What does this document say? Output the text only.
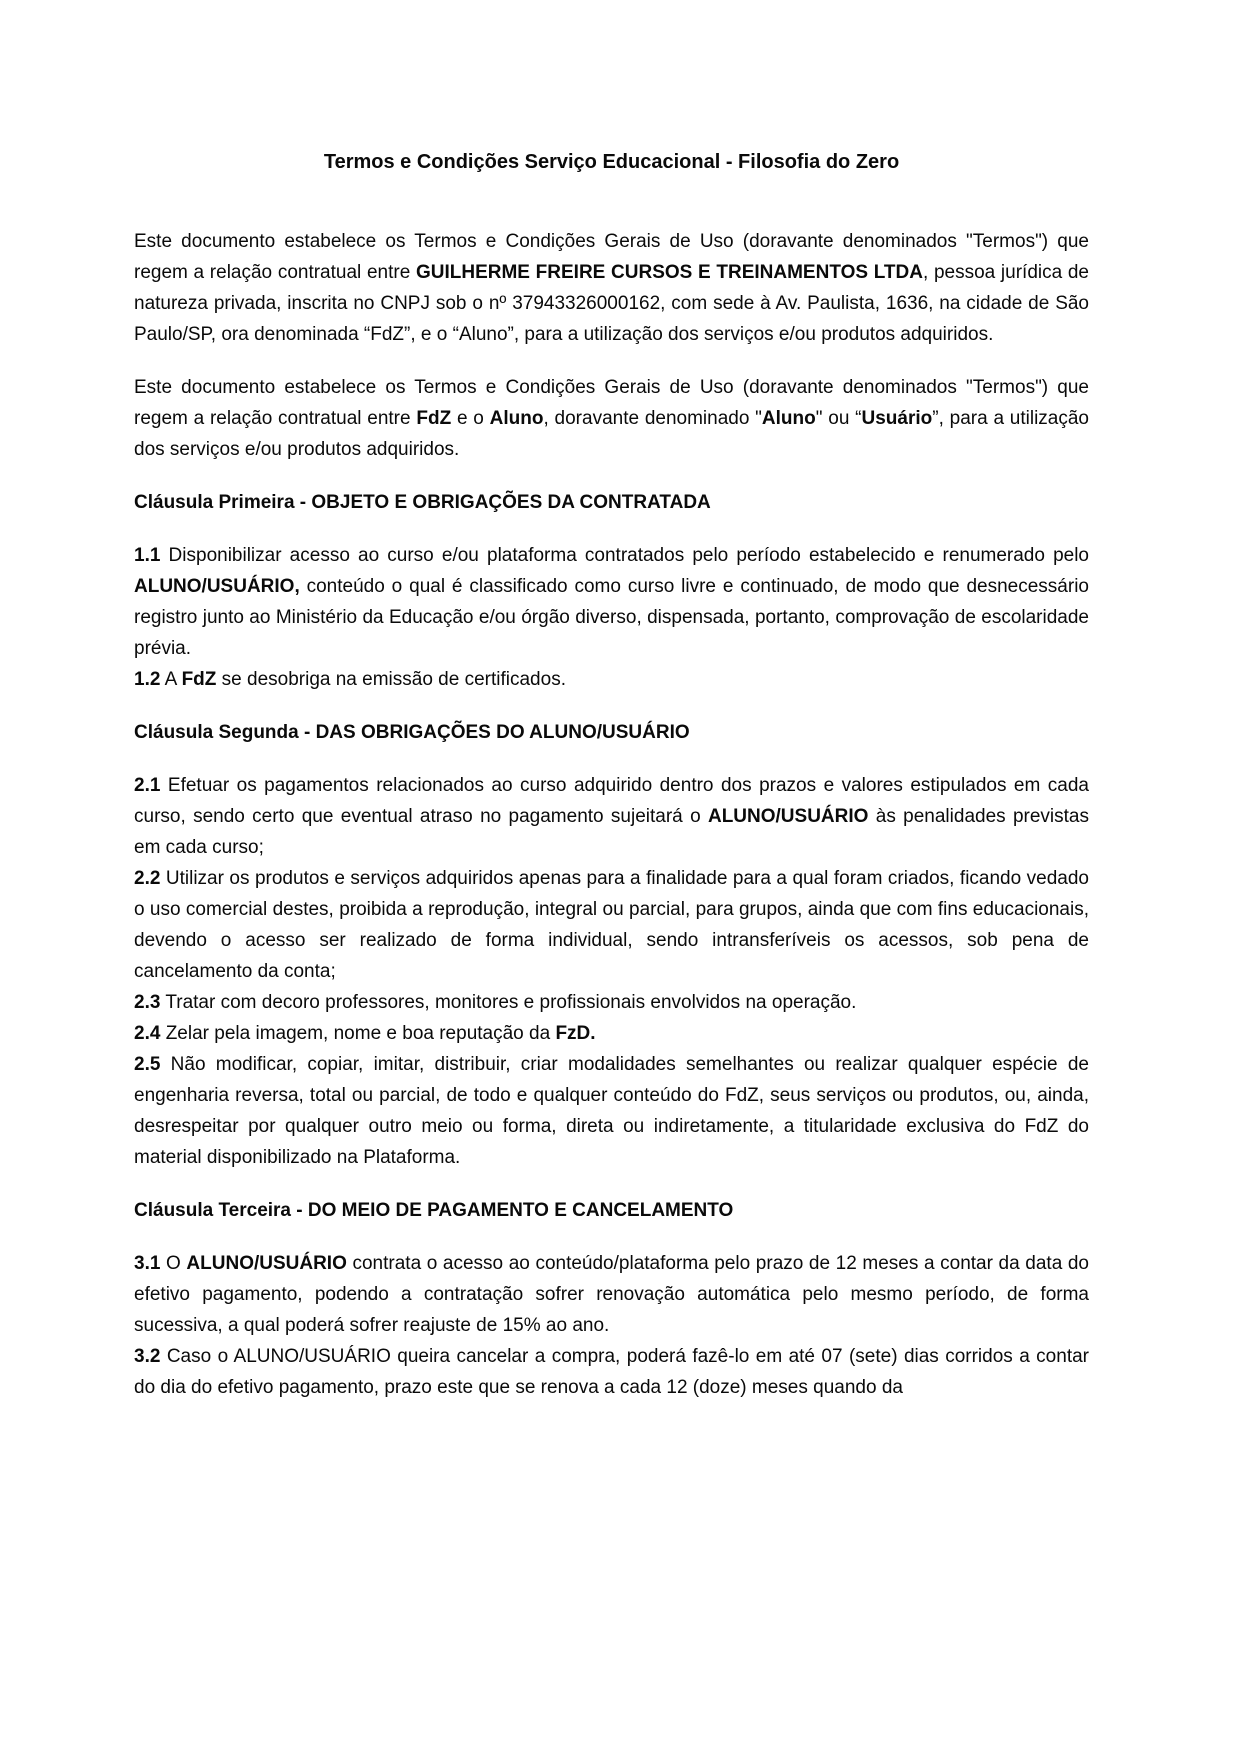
Termos e Condições Serviço Educacional - Filosofia do Zero

Este documento estabelece os Termos e Condições Gerais de Uso (doravante denominados "Termos") que regem a relação contratual entre GUILHERME FREIRE CURSOS E TREINAMENTOS LTDA, pessoa jurídica de natureza privada, inscrita no CNPJ sob o nº 37943326000162, com sede à Av. Paulista, 1636, na cidade de São Paulo/SP, ora denominada “FdZ”, e o “Aluno”, para a utilização dos serviços e/ou produtos adquiridos.

Este documento estabelece os Termos e Condições Gerais de Uso (doravante denominados "Termos") que regem a relação contratual entre FdZ e o Aluno, doravante denominado "Aluno" ou “Usuário”, para a utilização dos serviços e/ou produtos adquiridos.

Cláusula Primeira - OBJETO E OBRIGAÇÕES DA CONTRATADA

1.1 Disponibilizar acesso ao curso e/ou plataforma contratados pelo período estabelecido e renumerado pelo ALUNO/USUÁRIO, conteúdo o qual é classificado como curso livre e continuado, de modo que desnecessário registro junto ao Ministério da Educação e/ou órgão diverso, dispensada, portanto, comprovação de escolaridade prévia.

1.2 A FdZ se desobriga na emissão de certificados.

Cláusula Segunda - DAS OBRIGAÇÕES DO ALUNO/USUÁRIO

2.1 Efetuar os pagamentos relacionados ao curso adquirido dentro dos prazos e valores estipulados em cada curso, sendo certo que eventual atraso no pagamento sujeitará o ALUNO/USUÁRIO às penalidades previstas em cada curso;

2.2 Utilizar os produtos e serviços adquiridos apenas para a finalidade para a qual foram criados, ficando vedado o uso comercial destes, proibida a reprodução, integral ou parcial, para grupos, ainda que com fins educacionais, devendo o acesso ser realizado de forma individual, sendo intransferíveis os acessos, sob pena de cancelamento da conta;

2.3 Tratar com decoro professores, monitores e profissionais envolvidos na operação.

2.4 Zelar pela imagem, nome e boa reputação da FzD.

2.5 Não modificar, copiar, imitar, distribuir, criar modalidades semelhantes ou realizar qualquer espécie de engenharia reversa, total ou parcial, de todo e qualquer conteúdo do FdZ, seus serviços ou produtos, ou, ainda, desrespeitar por qualquer outro meio ou forma, direta ou indiretamente, a titularidade exclusiva do FdZ do material disponibilizado na Plataforma.

Cláusula Terceira - DO MEIO DE PAGAMENTO E CANCELAMENTO

3.1 O ALUNO/USUÁRIO contrata o acesso ao conteúdo/plataforma pelo prazo de 12 meses a contar da data do efetivo pagamento, podendo a contratação sofrer renovação automática pelo mesmo período, de forma sucessiva, a qual poderá sofrer reajuste de 15% ao ano.

3.2 Caso o ALUNO/USUÁRIO queira cancelar a compra, poderá fazê-lo em até 07 (sete) dias corridos a contar do dia do efetivo pagamento, prazo este que se renova a cada 12 (doze) meses quando da
